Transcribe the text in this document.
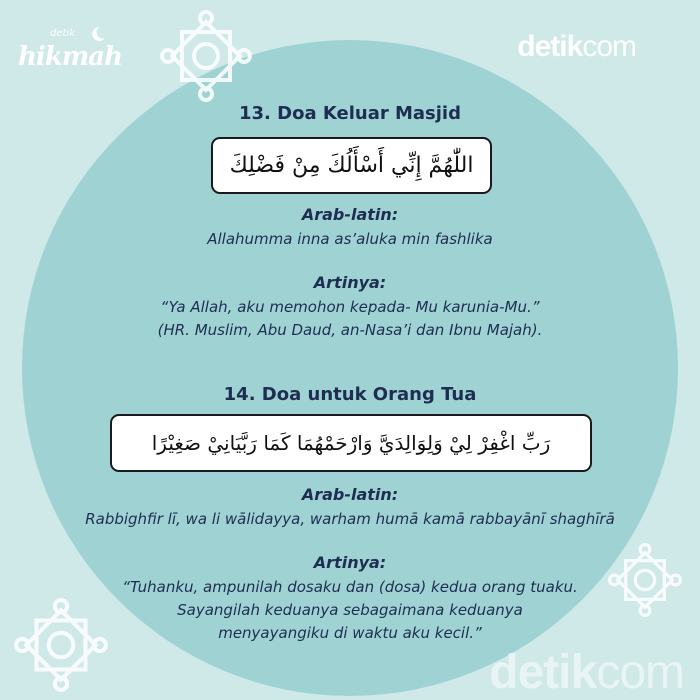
detik
hikmah	detikcom
detikcom
13. Doa Keluar Masjid
اللّٰهُمَّ إِنِّي أَسْأَلُكَ مِنْ فَضْلِكَ
Arab-latin:
Allahumma inna as’aluka min fashlika
Artinya:
“Ya Allah, aku memohon kepada- Mu karunia-Mu.”
(HR. Muslim, Abu Daud, an-Nasa’i dan Ibnu Majah).
14. Doa untuk Orang Tua
رَبِّ اغْفِرْ لِيْ وَلِوَالِدَيَّ وَارْحَمْهُمَا كَمَا رَبَّيَانِيْ صَغِيْرًا
Arab-latin:
Rabbighfir lī, wa li wālidayya, warham humā kamā rabbayānī shaghīrā
Artinya:
“Tuhanku, ampunilah dosaku dan (dosa) kedua orang tuaku.
Sayangilah keduanya sebagaimana keduanya
menyayangiku di waktu aku kecil.”
